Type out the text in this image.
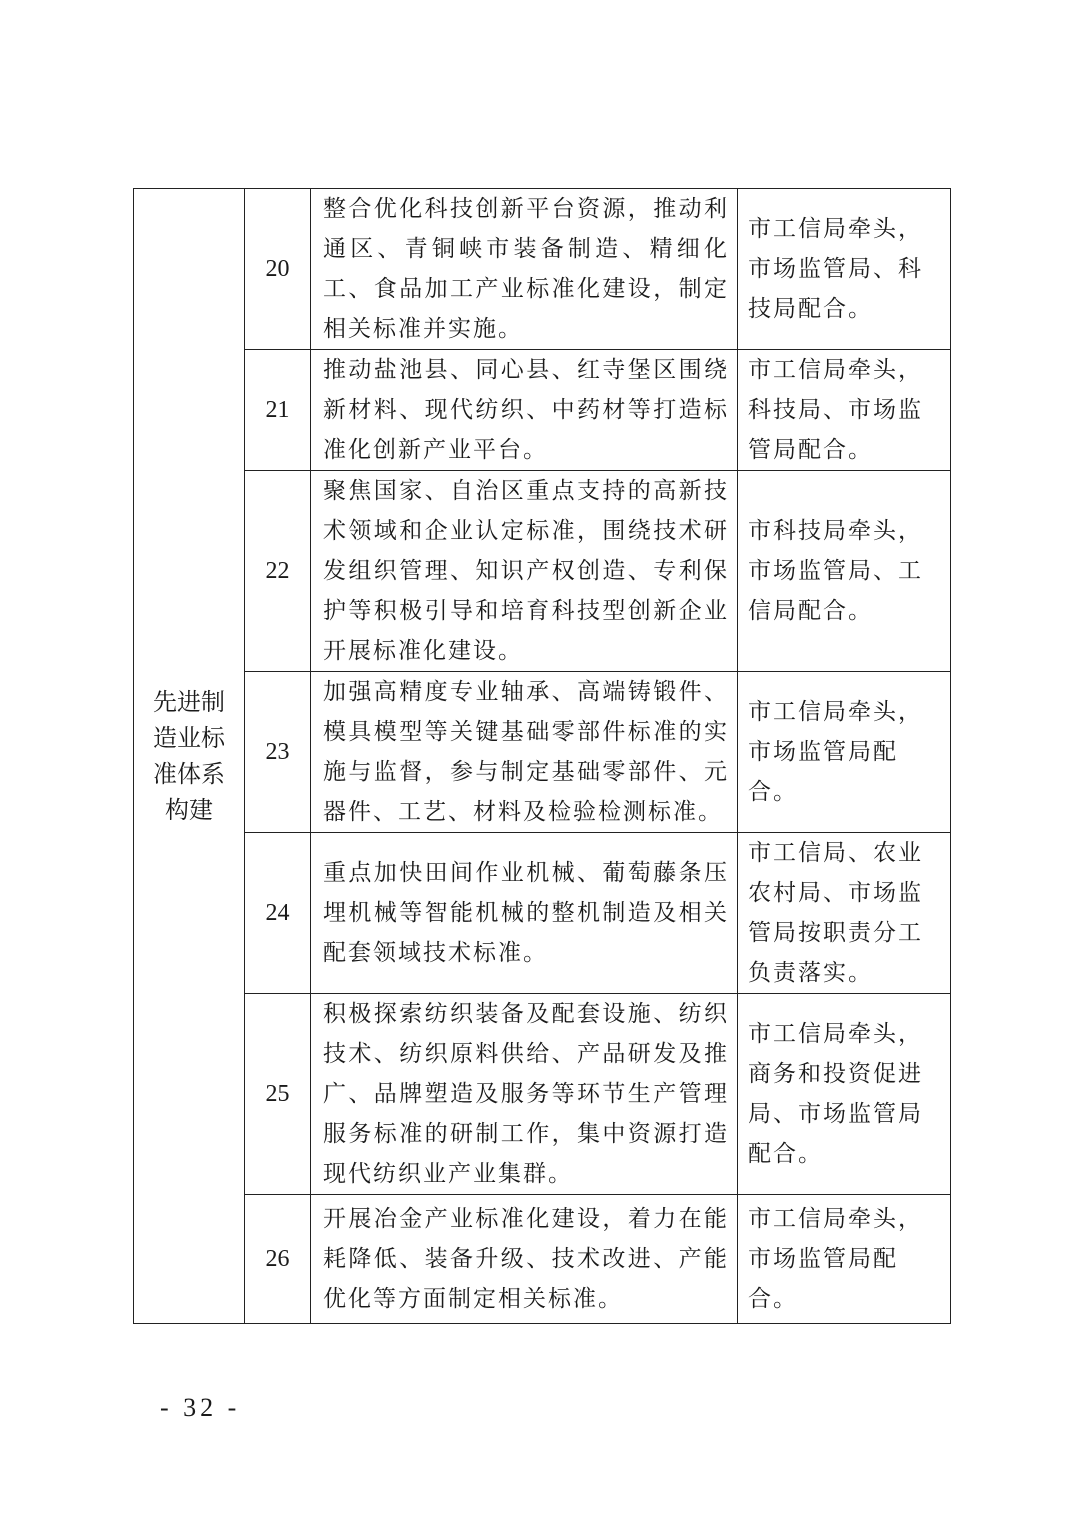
先进制造业标准体系构建	20	整合优化科技创新平台资源，推动利通区、青铜峡市装备制造、精细化工、食品加工产业标准化建设，制定相关标准并实施。	市工信局牵头，市场监管局、科技局配合。
	21	推动盐池县、同心县、红寺堡区围绕新材料、现代纺织、中药材等打造标准化创新产业平台。	市工信局牵头，科技局、市场监管局配合。
	22	聚焦国家、自治区重点支持的高新技术领域和企业认定标准，围绕技术研发组织管理、知识产权创造、专利保护等积极引导和培育科技型创新企业开展标准化建设。	市科技局牵头，市场监管局、工信局配合。
	23	加强高精度专业轴承、高端铸锻件、模具模型等关键基础零部件标准的实施与监督，参与制定基础零部件、元器件、工艺、材料及检验检测标准。	市工信局牵头，市场监管局配合。
	24	重点加快田间作业机械、葡萄藤条压埋机械等智能机械的整机制造及相关配套领域技术标准。	市工信局、农业农村局、市场监管局按职责分工负责落实。
	25	积极探索纺织装备及配套设施、纺织技术、纺织原料供给、产品研发及推广、品牌塑造及服务等环节生产管理服务标准的研制工作，集中资源打造现代纺织业产业集群。	市工信局牵头，商务和投资促进局、市场监管局配合。
	26	开展冶金产业标准化建设，着力在能耗降低、装备升级、技术改进、产能优化等方面制定相关标准。	市工信局牵头，市场监管局配合。
- 32 -
